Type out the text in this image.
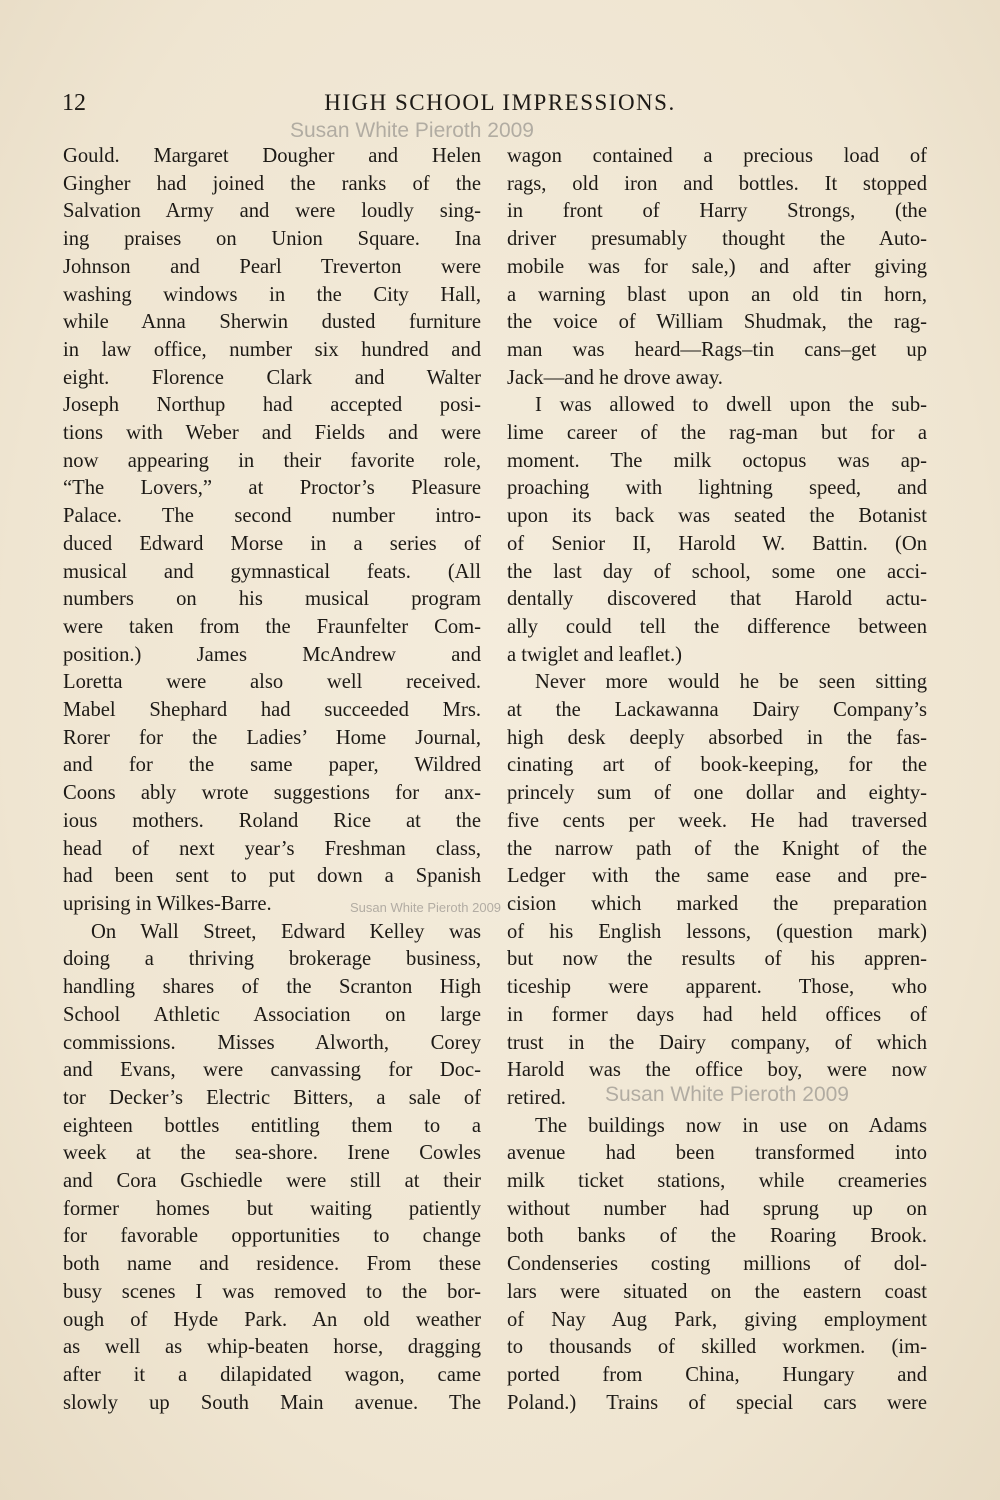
12	HIGH SCHOOL IMPRESSIONS.
Susan White Pieroth 2009
Susan White Pieroth 2009
Susan White Pieroth 2009
Gould. Margaret Dougher and Helen
Gingher had joined the ranks of the
Salvation Army and were loudly sing-
ing praises on Union Square. Ina
Johnson and Pearl Treverton were
washing windows in the City Hall,
while Anna Sherwin dusted furniture
in law office, number six hundred and
eight. Florence Clark and Walter
Joseph Northup had accepted posi-
tions with Weber and Fields and were
now appearing in their favorite role,
“The Lovers,” at Proctor’s Pleasure
Palace. The second number intro-
duced Edward Morse in a series of
musical and gymnastical feats. (All
numbers on his musical program
were taken from the Fraunfelter Com-
position.) James McAndrew and
Loretta were also well received.
Mabel Shephard had succeeded Mrs.
Rorer for the Ladies’ Home Journal,
and for the same paper, Wildred
Coons ably wrote suggestions for anx-
ious mothers. Roland Rice at the
head of next year’s Freshman class,
had been sent to put down a Spanish
uprising in Wilkes-Barre.
On Wall Street, Edward Kelley was
doing a thriving brokerage business,
handling shares of the Scranton High
School Athletic Association on large
commissions. Misses Alworth, Corey
and Evans, were canvassing for Doc-
tor Decker’s Electric Bitters, a sale of
eighteen bottles entitling them to a
week at the sea-shore. Irene Cowles
and Cora Gschiedle were still at their
former homes but waiting patiently
for favorable opportunities to change
both name and residence. From these
busy scenes I was removed to the bor-
ough of Hyde Park. An old weather
as well as whip-beaten horse, dragging
after it a dilapidated wagon, came
slowly up South Main avenue. The
wagon contained a precious load of
rags, old iron and bottles. It stopped
in front of Harry Strongs, (the
driver presumably thought the Auto-
mobile was for sale,) and after giving
a warning blast upon an old tin horn,
the voice of William Shudmak, the rag-
man was heard—Rags–tin cans–get up
Jack—and he drove away.
I was allowed to dwell upon the sub-
lime career of the rag-man but for a
moment. The milk octopus was ap-
proaching with lightning speed, and
upon its back was seated the Botanist
of Senior II, Harold W. Battin. (On
the last day of school, some one acci-
dentally discovered that Harold actu-
ally could tell the difference between
a twiglet and leaflet.)
Never more would he be seen sitting
at the Lackawanna Dairy Company’s
high desk deeply absorbed in the fas-
cinating art of book-keeping, for the
princely sum of one dollar and eighty-
five cents per week. He had traversed
the narrow path of the Knight of the
Ledger with the same ease and pre-
cision which marked the preparation
of his English lessons, (question mark)
but now the results of his appren-
ticeship were apparent. Those, who
in former days had held offices of
trust in the Dairy company, of which
Harold was the office boy, were now
retired.
The buildings now in use on Adams
avenue had been transformed into
milk ticket stations, while creameries
without number had sprung up on
both banks of the Roaring Brook.
Condenseries costing millions of dol-
lars were situated on the eastern coast
of Nay Aug Park, giving employment
to thousands of skilled workmen. (im-
ported from China, Hungary and
Poland.) Trains of special cars were
